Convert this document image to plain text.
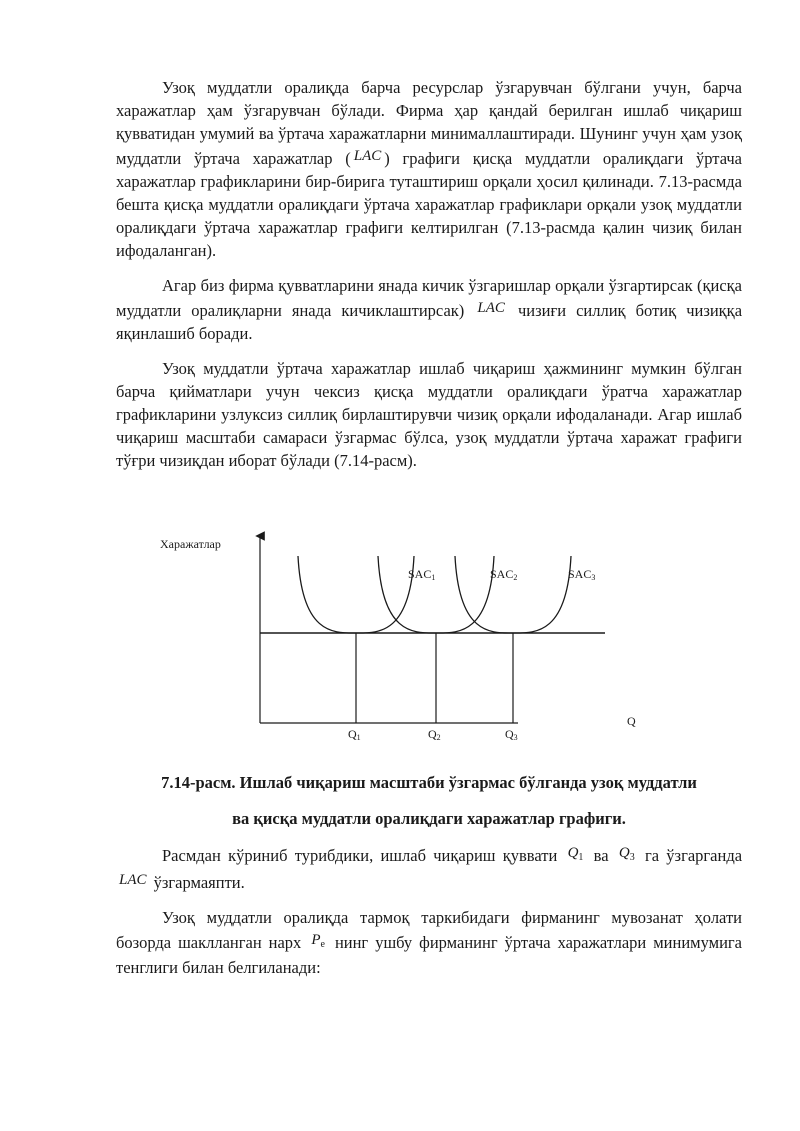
Узоқ муддатли оралиқда барча ресурслар ўзгарувчан бўлгани учун, барча харажатлар ҳам ўзгарувчан бўлади. Фирма ҳар қандай берилган ишлаб чиқариш қувватидан умумий ва ўртача харажатларни минималлаштиради. Шунинг учун ҳам узоқ муддатли ўртача харажатлар ( LAC ) графиги қисқа муддатли оралиқдаги ўртача харажатлар графикларини бир-бирига туташтириш орқали ҳосил қилинади. 7.13-расмда бешта қисқа муддатли оралиқдаги ўртача харажатлар графиклари орқали узоқ муддатли оралиқдаги ўртача харажатлар графиги келтирилган (7.13-расмда қалин чизиқ билан ифодаланган).

Агар биз фирма қувватларини янада кичик ўзгаришлар орқали ўзгартирсак (қисқа муддатли оралиқларни янада кичиклаштирсак) LAC чизиғи силлиқ ботиқ чизиққа яқинлашиб боради.

Узоқ муддатли ўртача харажатлар ишлаб чиқариш ҳажмининг мумкин бўлган барча қийматлари учун чексиз қисқа муддатли оралиқдаги ўратча харажатлар графикларини узлуксиз силлиқ бирлаштирувчи чизиқ орқали ифодаланади. Агар ишлаб чиқариш масштаби самараси ўзгармас бўлса, узоқ муддатли ўртача харажат графиги тўғри чизиқдан иборат бўлади (7.14-расм).

Харажатлар
Q
SAC1	SAC2	SAC3
Q1	Q2	Q3
7.14-расм. Ишлаб чиқариш масштаби ўзгармас бўлганда узоқ муддатли
ва қисқа муддатли оралиқдаги харажатлар графиги.

Расмдан кўриниб турибдики, ишлаб чиқариш қуввати $Q_1$ ва $Q_3$ га ўзгарганда LAC ўзгармаяпти.

Узоқ муддатли оралиқда тармоқ таркибидаги фирманинг мувозанат ҳолати бозорда шаклланган нарх $P_e$ нинг ушбу фирманинг ўртача харажатлари минимумига тенглиги билан белгиланади:
